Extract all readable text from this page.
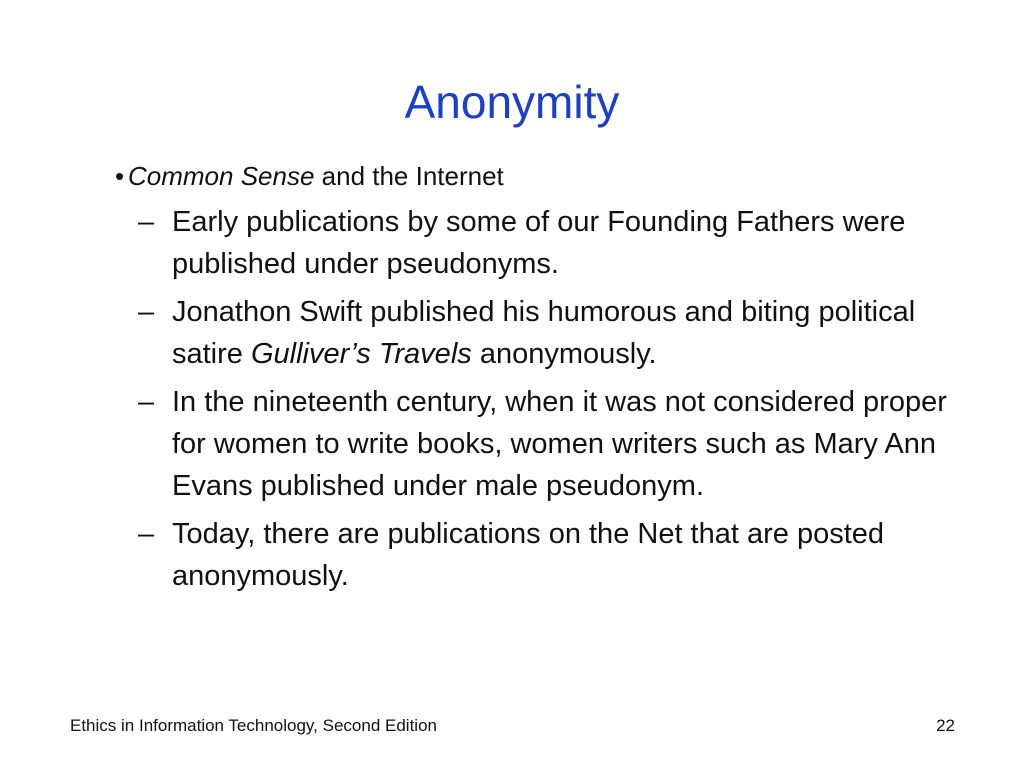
Anonymity
• Common Sense and the Internet
– Early publications by some of our Founding Fathers were published under pseudonyms.
– Jonathon Swift published his humorous and biting political satire Gulliver’s Travels anonymously.
– In the nineteenth century, when it was not considered proper for women to write books, women writers such as Mary Ann Evans published under male pseudonym.
– Today, there are publications on the Net that are posted anonymously.
Ethics in Information Technology, Second Edition	22
